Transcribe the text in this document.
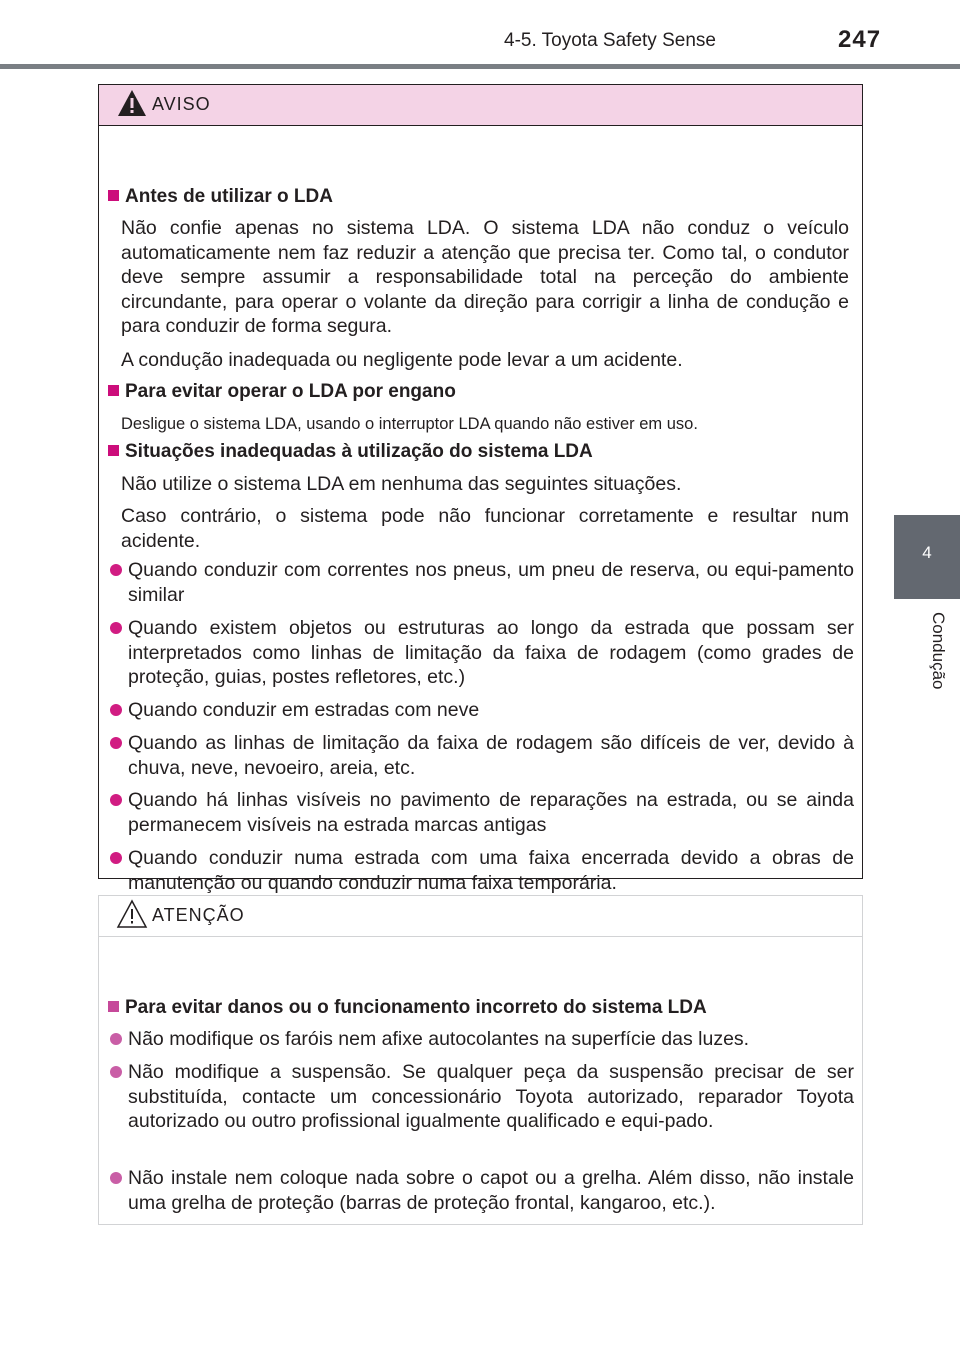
4-5. Toyota Safety Sense	247
4
Condução
AVISO
Antes de utilizar o LDA
Não confie apenas no sistema LDA. O sistema LDA não conduz o veículo automaticamente nem faz reduzir a atenção que precisa ter. Como tal, o condutor deve sempre assumir a responsabilidade total na perceção do ambiente circundante, para operar o volante da direção para corrigir a linha de condução e para conduzir de forma segura.
A condução inadequada ou negligente pode levar a um acidente.
Para evitar operar o LDA por engano
Desligue o sistema LDA, usando o interruptor LDA quando não estiver em uso.
Situações inadequadas à utilização do sistema LDA
Não utilize o sistema LDA em nenhuma das seguintes situações.
Caso contrário, o sistema pode não funcionar corretamente e resultar num acidente.
Quando conduzir com correntes nos pneus, um pneu de reserva, ou equi-pamento similar
Quando existem objetos ou estruturas ao longo da estrada que possam ser interpretados como linhas de limitação da faixa de rodagem (como grades de proteção, guias, postes refletores, etc.)
Quando conduzir em estradas com neve
Quando as linhas de limitação da faixa de rodagem são difíceis de ver, devido à chuva, neve, nevoeiro, areia, etc.
Quando há linhas visíveis no pavimento de reparações na estrada, ou se ainda permanecem visíveis na estrada marcas antigas
Quando conduzir numa estrada com uma faixa encerrada devido a obras de manutenção ou quando conduzir numa faixa temporária.
ATENÇÃO
Para evitar danos ou o funcionamento incorreto do sistema LDA
Não modifique os faróis nem afixe autocolantes na superfície das luzes.
Não modifique a suspensão. Se qualquer peça da suspensão precisar de ser substituída, contacte um concessionário Toyota autorizado, reparador Toyota autorizado ou outro profissional igualmente qualificado e equi-pado.
Não instale nem coloque nada sobre o capot ou a grelha. Além disso, não instale uma grelha de proteção (barras de proteção frontal, kangaroo, etc.).
